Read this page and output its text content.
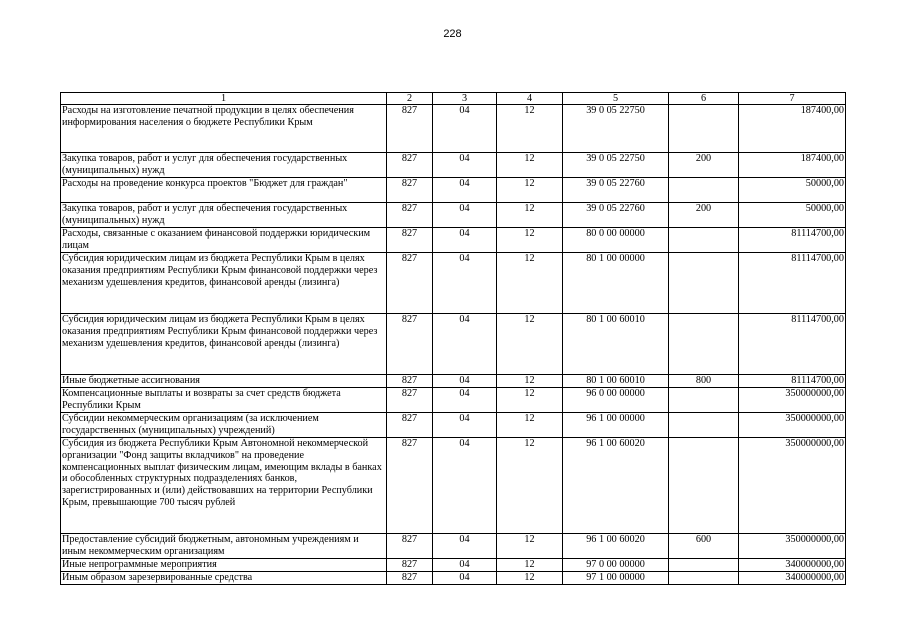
228
1	2	3	4	5	6	7
Расходы на изготовление печатной продукции в целях обеспечения информирования населения о бюджете Республики Крым	827	04	12	39 0 05 22750		187400,00
Закупка товаров, работ и услуг для обеспечения государственных (муниципальных) нужд	827	04	12	39 0 05 22750	200	187400,00
Расходы на проведение конкурса проектов "Бюджет для граждан"	827	04	12	39 0 05 22760		50000,00
Закупка товаров, работ и услуг для обеспечения государственных (муниципальных) нужд	827	04	12	39 0 05 22760	200	50000,00
Расходы, связанные с оказанием финансовой поддержки юридическим лицам	827	04	12	80 0 00 00000		81114700,00
Субсидия юридическим лицам из бюджета Республики Крым в целях оказания предприятиям Республики Крым финансовой поддержки через механизм удешевления кредитов, финансовой аренды (лизинга)	827	04	12	80 1 00 00000		81114700,00
Субсидия юридическим лицам из бюджета Республики Крым в целях оказания предприятиям Республики Крым финансовой поддержки через механизм удешевления кредитов, финансовой аренды (лизинга)	827	04	12	80 1 00 60010		81114700,00
Иные бюджетные ассигнования	827	04	12	80 1 00 60010	800	81114700,00
Компенсационные выплаты и возвраты за счет средств бюджета Республики Крым	827	04	12	96 0 00 00000		350000000,00
Субсидии некоммерческим организациям (за исключением государственных (муниципальных) учреждений)	827	04	12	96 1 00 00000		350000000,00
Субсидия из бюджета Республики Крым Автономной некоммерческой организации "Фонд защиты вкладчиков" на проведение компенсационных выплат физическим лицам, имеющим вклады в банках и обособленных структурных подразделениях банков, зарегистрированных и (или) действовавших на территории Республики Крым, превышающие 700 тысяч рублей	827	04	12	96 1 00 60020		350000000,00
Предоставление субсидий бюджетным, автономным учреждениям и иным некоммерческим организациям	827	04	12	96 1 00 60020	600	350000000,00
Иные непрограммные мероприятия	827	04	12	97 0 00 00000		340000000,00
Иным образом зарезервированные средства	827	04	12	97 1 00 00000		340000000,00
